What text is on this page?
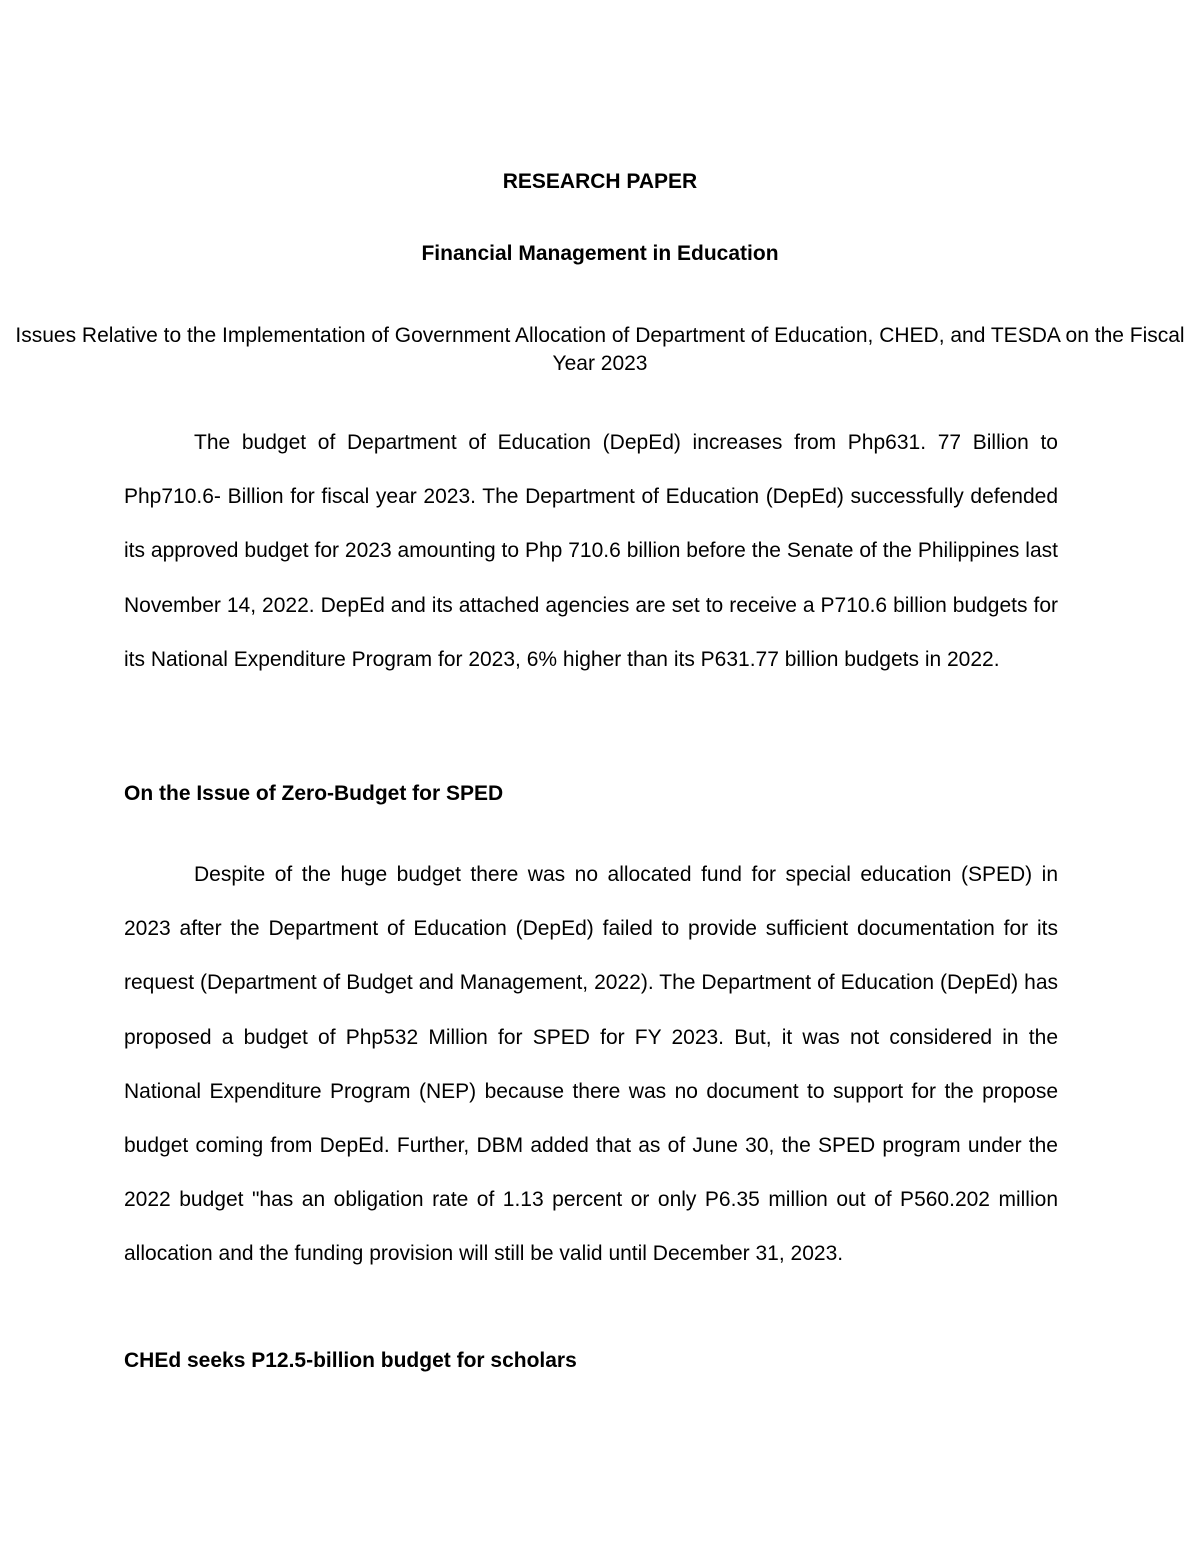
RESEARCH PAPER

Financial Management in Education

Issues Relative to the Implementation of Government Allocation of Department of Education, CHED, and TESDA on the Fiscal Year 2023

The budget of Department of Education (DepEd) increases from Php631. 77 Billion to Php710.6- Billion for fiscal year 2023. The Department of Education (DepEd) successfully defended its approved budget for 2023 amounting to Php 710.6 billion before the Senate of the Philippines last November 14, 2022. DepEd and its attached agencies are set to receive a P710.6 billion budgets for its National Expenditure Program for 2023, 6% higher than its P631.77 billion budgets in 2022.

On the Issue of Zero-Budget for SPED

Despite of the huge budget there was no allocated fund for special education (SPED) in 2023 after the Department of Education (DepEd) failed to provide sufficient documentation for its request (Department of Budget and Management, 2022). The Department of Education (DepEd) has proposed a budget of Php532 Million for SPED for FY 2023. But, it was not considered in the National Expenditure Program (NEP) because there was no document to support for the propose budget coming from DepEd. Further, DBM added that as of June 30, the SPED program under the 2022 budget "has an obligation rate of 1.13 percent or only P6.35 million out of P560.202 million allocation and the funding provision will still be valid until December 31, 2023.

CHEd seeks P12.5-billion budget for scholars
